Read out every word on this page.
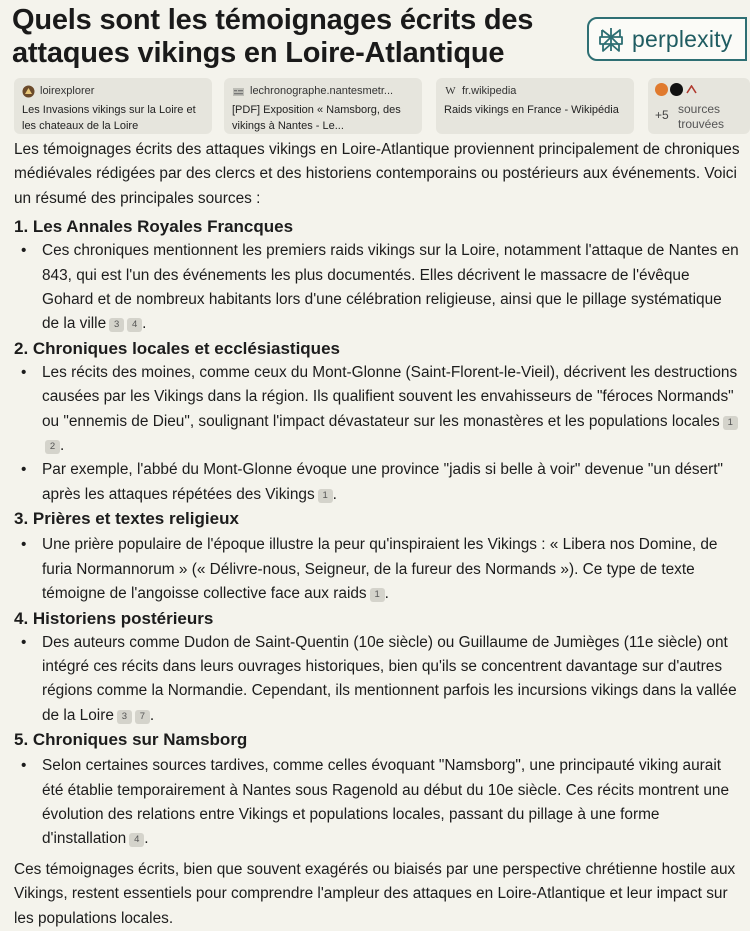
Quels sont les témoignages écrits des attaques vikings en Loire-Atlantique	perplexity
loirexplorer
Les Invasions vikings sur la Loire et les chateaux de la Loire
lechronographe.nantesmetr...
[PDF] Exposition « Namsborg, des vikings à Nantes - Le...
W fr.wikipedia
Raids vikings en France - Wikipédia	+5 sources trouvées

Les témoignages écrits des attaques vikings en Loire-Atlantique proviennent principalement de chroniques médiévales rédigées par des clercs et des historiens contemporains ou postérieurs aux événements. Voici un résumé des principales sources :

1. Les Annales Royales Francques
• Ces chroniques mentionnent les premiers raids vikings sur la Loire, notamment l'attaque de Nantes en 843, qui est l'un des événements les plus documentés. Elles décrivent le massacre de l'évêque Gohard et de nombreux habitants lors d'une célébration religieuse, ainsi que le pillage systématique de la ville 3 4 .
2. Chroniques locales et ecclésiastiques
• Les récits des moines, comme ceux du Mont-Glonne (Saint-Florent-le-Vieil), décrivent les destructions causées par les Vikings dans la région. Ils qualifient souvent les envahisseurs de "féroces Normands" ou "ennemis de Dieu", soulignant l'impact dévastateur sur les monastères et les populations locales 12 .
• Par exemple, l'abbé du Mont-Glonne évoque une province "jadis si belle à voir" devenue "un désert" après les attaques répétées des Vikings 1 .
3. Prières et textes religieux
• Une prière populaire de l'époque illustre la peur qu'inspiraient les Vikings : « Libera nos Domine, de furia Normannorum » (« Délivre-nous, Seigneur, de la fureur des Normands »). Ce type de texte témoigne de l'angoisse collective face aux raids 1 .
4. Historiens postérieurs
• Des auteurs comme Dudon de Saint-Quentin (10e siècle) ou Guillaume de Jumièges (11e siècle) ont intégré ces récits dans leurs ouvrages historiques, bien qu'ils se concentrent davantage sur d'autres régions comme la Normandie. Cependant, ils mentionnent parfois les incursions vikings dans la vallée de la Loire 3 7 .
5. Chroniques sur Namsborg
• Selon certaines sources tardives, comme celles évoquant "Namsborg", une principauté viking aurait été établie temporairement à Nantes sous Ragenold au début du 10e siècle. Ces récits montrent une évolution des relations entre Vikings et populations locales, passant du pillage à une forme d'installation 4 .

Ces témoignages écrits, bien que souvent exagérés ou biaisés par une perspective chrétienne hostile aux Vikings, restent essentiels pour comprendre l'ampleur des attaques en Loire-Atlantique et leur impact sur les populations locales.
